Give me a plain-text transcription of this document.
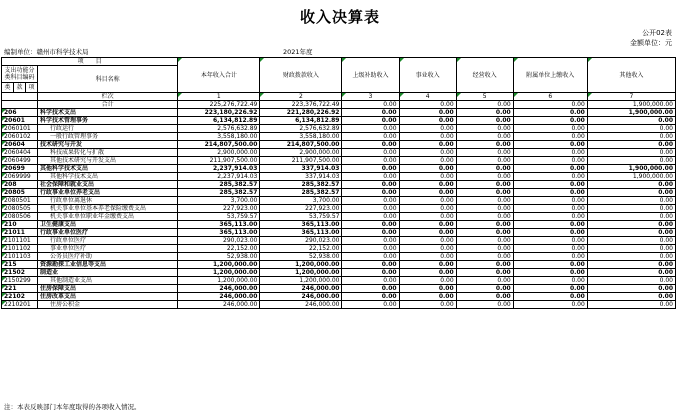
收入决算表
公开02表
金额单位：元
编制单位：赣州市科学技术局	2021年度
项　　目				本年收入合计	财政拨款收入	上级补助收入	事业收入	经营收入	附属单位上缴收入	其他收入
支出功能分类科目编码			科目名称							

类	款	项								
			栏次	1	2	3	4	5	6	7
			合计	225,276,722.49	223,376,722.49	0.00	0.00	0.00	0.00	1,900,000.00
206			科学技术支出	223,180,226.92	221,280,226.92	0.00	0.00	0.00	0.00	1,900,000.00
20601			科学技术管理事务	6,134,812.89	6,134,812.89	0.00	0.00	0.00	0.00	0.00
2060101			行政运行	2,576,632.89	2,576,632.89	0.00	0.00	0.00	0.00	0.00
2060102			一般行政管理事务	3,558,180.00	3,558,180.00	0.00	0.00	0.00	0.00	0.00
20604			技术研究与开发	214,807,500.00	214,807,500.00	0.00	0.00	0.00	0.00	0.00
2060404			科技成果转化与扩散	2,900,000.00	2,900,000.00	0.00	0.00	0.00	0.00	0.00
2060499			其他技术研究与开发支出	211,907,500.00	211,907,500.00	0.00	0.00	0.00	0.00	0.00
20699			其他科学技术支出	2,237,914.03	337,914.03	0.00	0.00	0.00	0.00	1,900,000.00
2069999			其他科学技术支出	2,237,914.03	337,914.03	0.00	0.00	0.00	0.00	1,900,000.00
208			社会保障和就业支出	285,382.57	285,382.57	0.00	0.00	0.00	0.00	0.00
20805			行政事业单位养老支出	285,382.57	285,382.57	0.00	0.00	0.00	0.00	0.00
2080501			行政单位离退休	3,700.00	3,700.00	0.00	0.00	0.00	0.00	0.00
2080505			机关事业单位基本养老保险缴费支出	227,923.00	227,923.00	0.00	0.00	0.00	0.00	0.00
2080506			机关事业单位职业年金缴费支出	53,759.57	53,759.57	0.00	0.00	0.00	0.00	0.00
210			卫生健康支出	365,113.00	365,113.00	0.00	0.00	0.00	0.00	0.00
21011			行政事业单位医疗	365,113.00	365,113.00	0.00	0.00	0.00	0.00	0.00
2101101			行政单位医疗	290,023.00	290,023.00	0.00	0.00	0.00	0.00	0.00
2101102			事业单位医疗	22,152.00	22,152.00	0.00	0.00	0.00	0.00	0.00
2101103			公务员医疗补助	52,938.00	52,938.00	0.00	0.00	0.00	0.00	0.00
215			资源勘探工业信息等支出	1,200,000.00	1,200,000.00	0.00	0.00	0.00	0.00	0.00
21502			制造业	1,200,000.00	1,200,000.00	0.00	0.00	0.00	0.00	0.00
2150299			其他制造业支出	1,200,000.00	1,200,000.00	0.00	0.00	0.00	0.00	0.00
221			住房保障支出	246,000.00	246,000.00	0.00	0.00	0.00	0.00	0.00
22102			住房改革支出	246,000.00	246,000.00	0.00	0.00	0.00	0.00	0.00
2210201			住房公积金	246,000.00	246,000.00	0.00	0.00	0.00	0.00	0.00
注：本表反映部门本年度取得的各项收入情况。
